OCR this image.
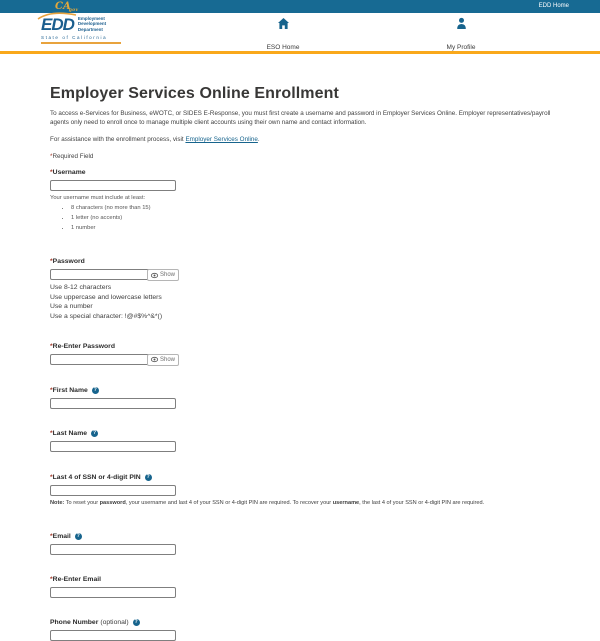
$CA_{gov}$
EDD Home
EDD Employment
Development
Department
State of California
ESO Home	My Profile
Employer Services Online Enrollment

To access e-Services for Business, eWOTC, or SIDES E-Response, you must first create a username and password in Employer Services Online. Employer representatives/payroll agents only need to enroll once to manage multiple client accounts using their own name and contact information.

For assistance with the enrollment process, visit Employer Services Online.

*Required Field

* Username
Your username must include at least:
• 8 characters (no more than 15)
• 1 letter (no accents)
• 1 number
* Password
Show
Use 8-12 characters
Use uppercase and lowercase letters
Use a number
Use a special character: !@#$%^&*()
* Re-Enter Password
Show
* First Name	?
* Last Name	?
* Last 4 of SSN or 4-digit PIN	?
Note: To reset your password, your username and last 4 of your SSN or 4-digit PIN are required. To recover your username, the last 4 of your SSN or 4-digit PIN are required.
* Email	?
* Re-Enter Email
Phone Number (optional)	?
